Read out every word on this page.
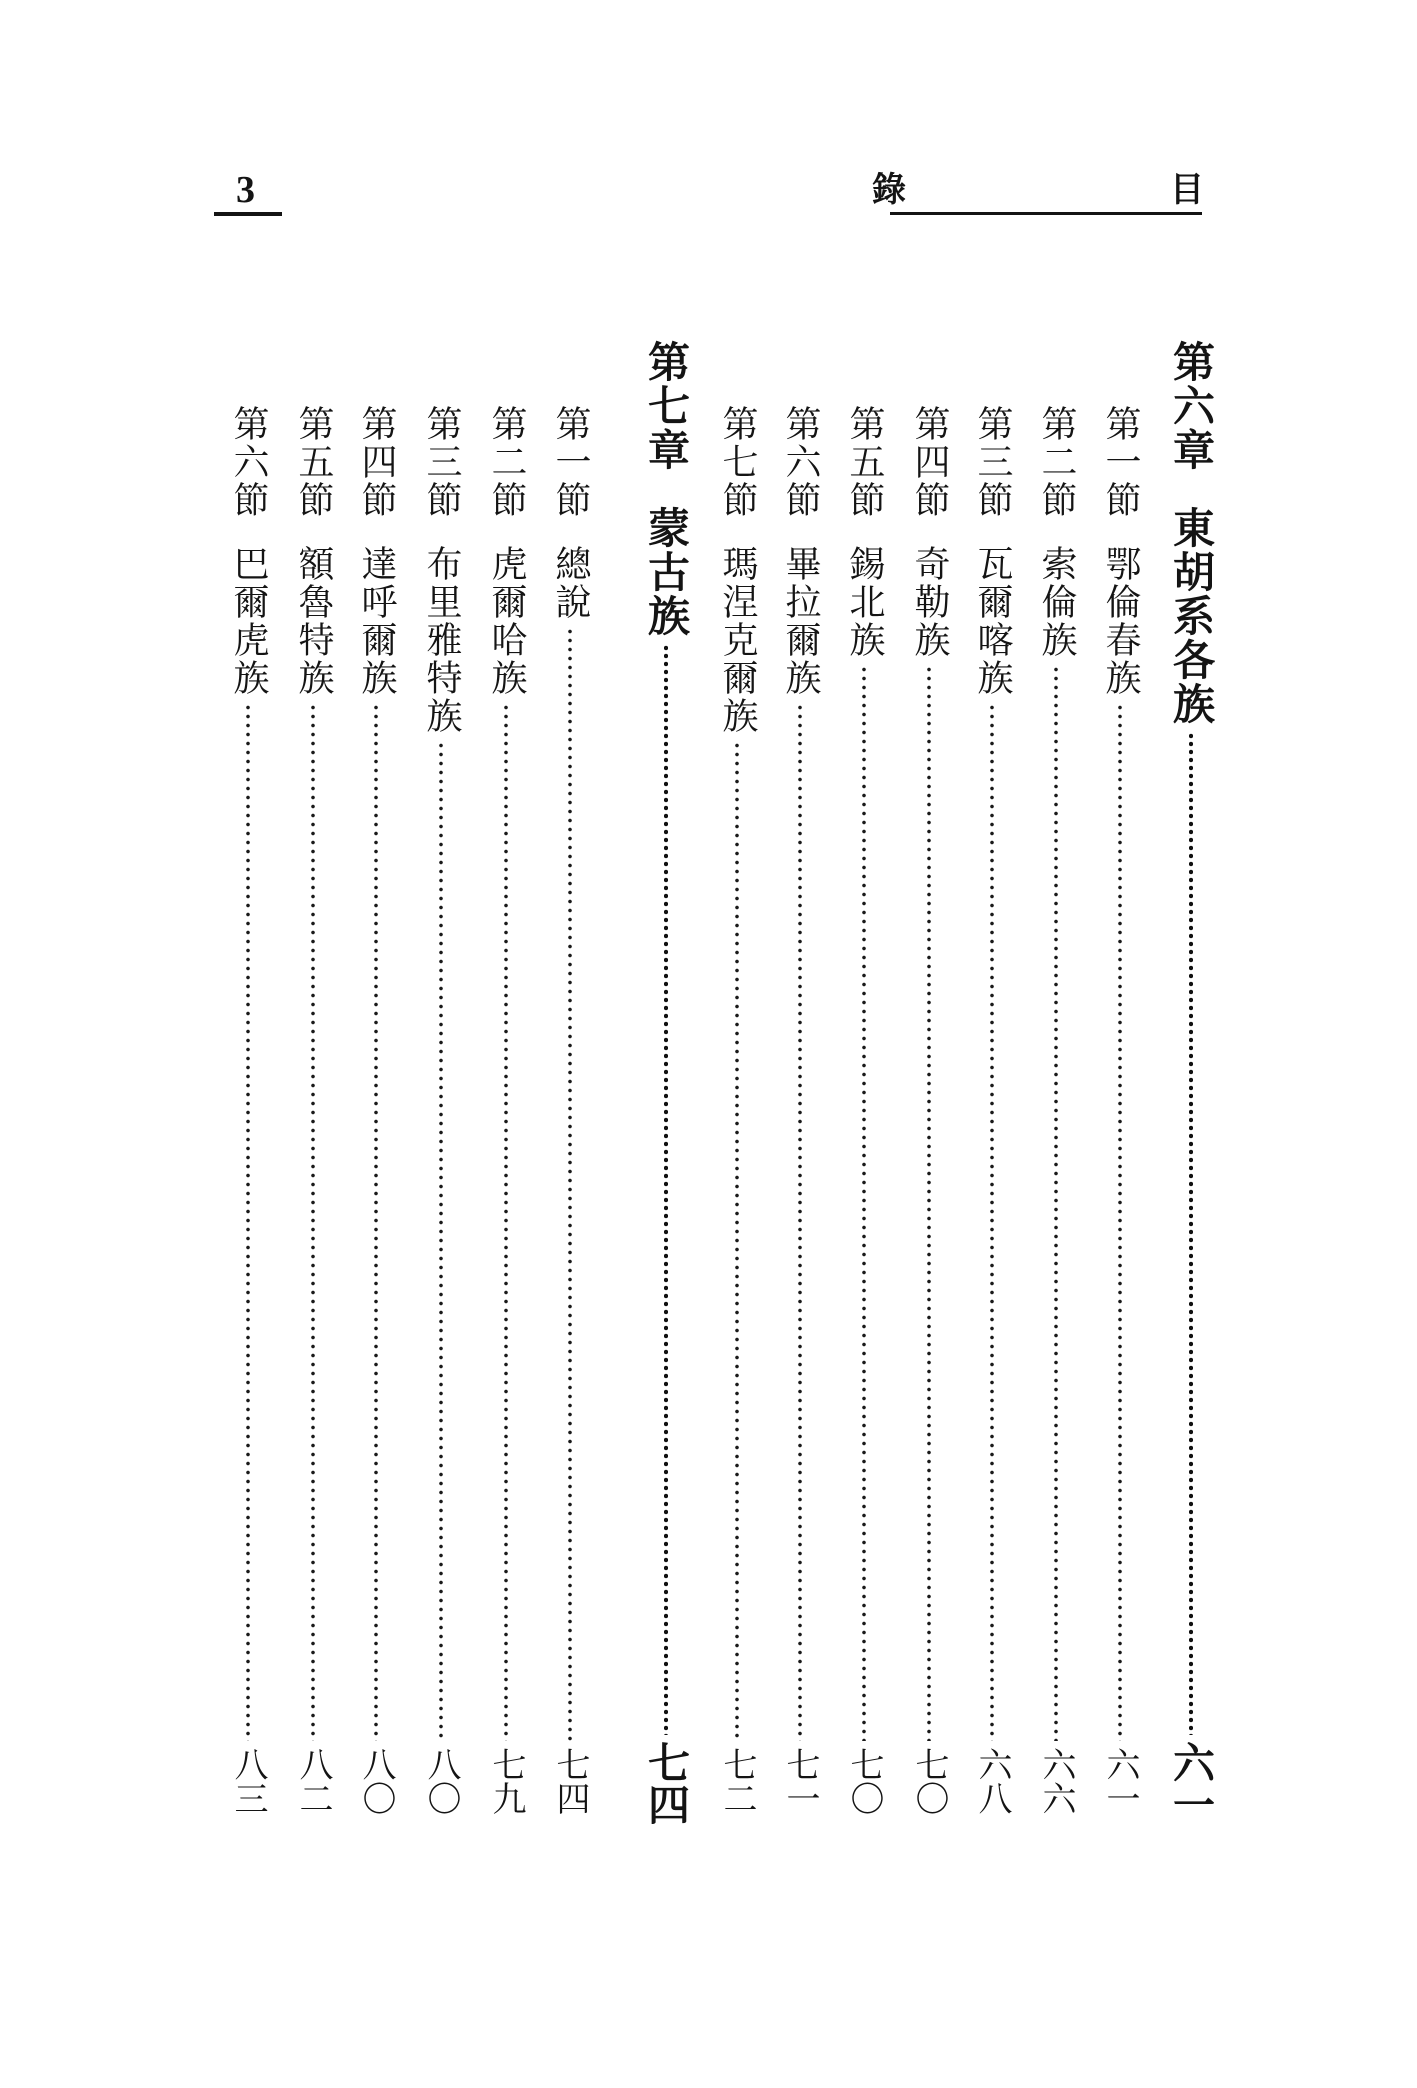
3	目
錄
第六章
東胡系各族
六一
第一節
鄂倫春族
六一
第二節
索倫族
六六
第三節
瓦爾喀族
六八
第四節
奇勒族
七〇
第五節
錫北族
七〇
第六節
畢拉爾族
七一
第七節
瑪涅克爾族
七二
第七章
蒙古族
七四
第一節
總說
七四
第二節
虎爾哈族
七九
第三節
布里雅特族
八〇
第四節
達呼爾族
八〇
第五節
額魯特族
八二
第六節
巴爾虎族
八三
